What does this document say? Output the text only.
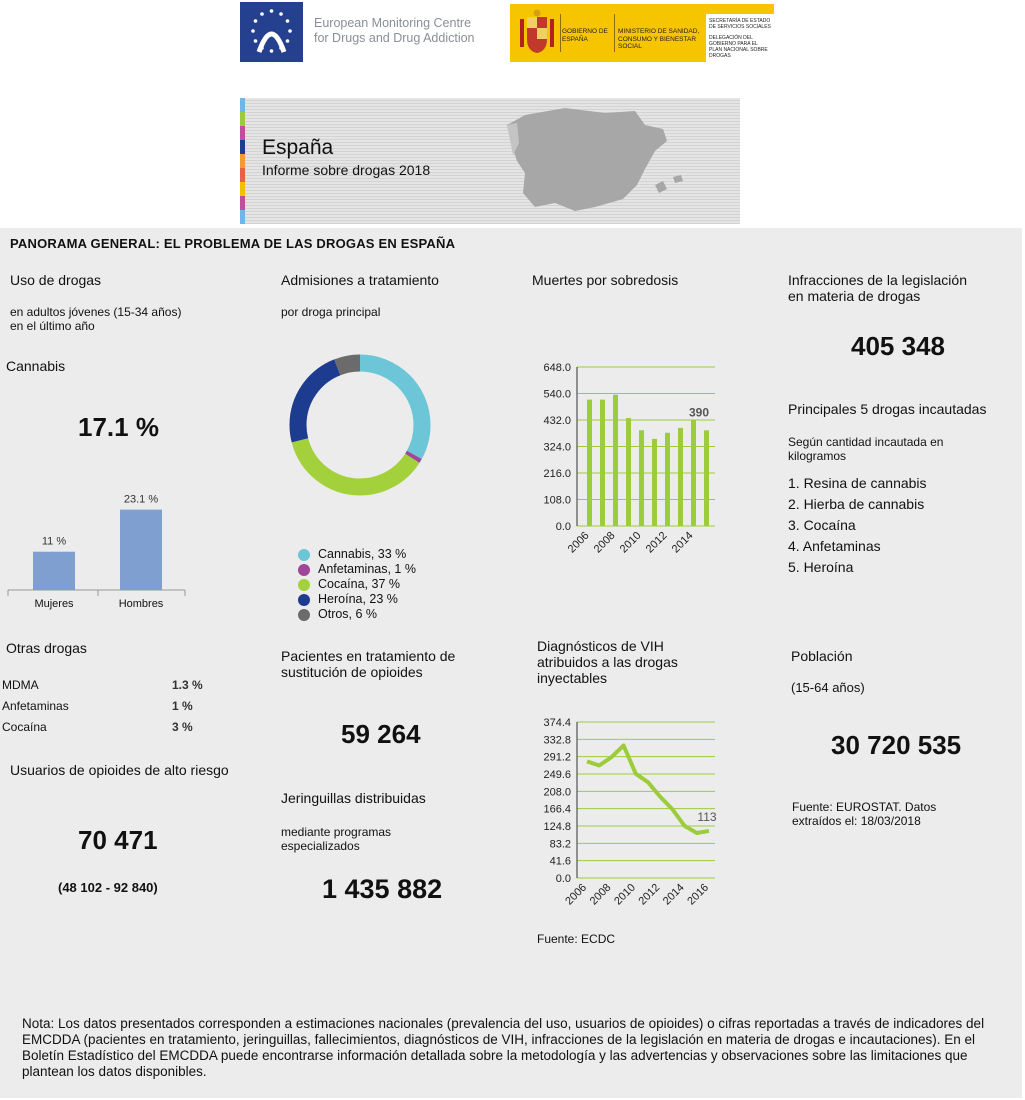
European Monitoring Centre
for Drugs and Drug Addiction	GOBIERNO DE ESPAÑA
MINISTERIO DE SANIDAD, CONSUMO Y BIENESTAR SOCIAL
SECRETARÍA DE ESTADO DE SERVICIOS SOCIALES
DELEGACIÓN DEL GOBIERNO PARA EL PLAN NACIONAL SOBRE DROGAS
España
Informe sobre drogas 2018
PANORAMA GENERAL: EL PROBLEMA DE LAS DROGAS EN ESPAÑA
Uso de drogas
en adultos jóvenes (15-34 años)
en el último año
Cannabis
17.1 %
11 %
Mujeres
23.1 %
Hombres
Otras drogas
MDMA	1.3 %
Anfetaminas	1 %
Cocaína	3 %
Usuarios de opioides de alto riesgo
70 471
(48 102 - 92 840)
Admisiones a tratamiento
por droga principal
Cannabis, 33 %
Anfetaminas, 1 %
Cocaína, 37 %
Heroína, 23 %
Otros, 6 %
Pacientes en tratamiento de
sustitución de opioides
59 264
Jeringuillas distribuidas
mediante programas
especializados
1 435 882
Muertes por sobredosis
0.0
108.0
216.0
324.0
432.0
540.0
648.0
390
2006 2008 2010 2012 2014
Diagnósticos de VIH
atribuidos a las drogas
inyectables
0.0
41.6
83.2
124.8
166.4
208.0
249.6
291.2
332.8
374.4
113
2006
2008
2010
2012
2014
2016
Fuente: ECDC
Infracciones de la legislación
en materia de drogas
405 348
Principales 5 drogas incautadas
Según cantidad incautada en
kilogramos
1. Resina de cannabis
2. Hierba de cannabis
3. Cocaína
4. Anfetaminas
5. Heroína
Población
(15-64 años)
30 720 535
Fuente: EUROSTAT. Datos
extraídos el: 18/03/2018
Nota: Los datos presentados corresponden a estimaciones nacionales (prevalencia del uso, usuarios de opioides) o cifras reportadas a través de indicadores del EMCDDA (pacientes en tratamiento, jeringuillas, fallecimientos, diagnósticos de VIH, infracciones de la legislación en materia de drogas e incautaciones). En el Boletín Estadístico del EMCDDA puede encontrarse información detallada sobre la metodología y las advertencias y observaciones sobre las limitaciones que plantean los datos disponibles.
